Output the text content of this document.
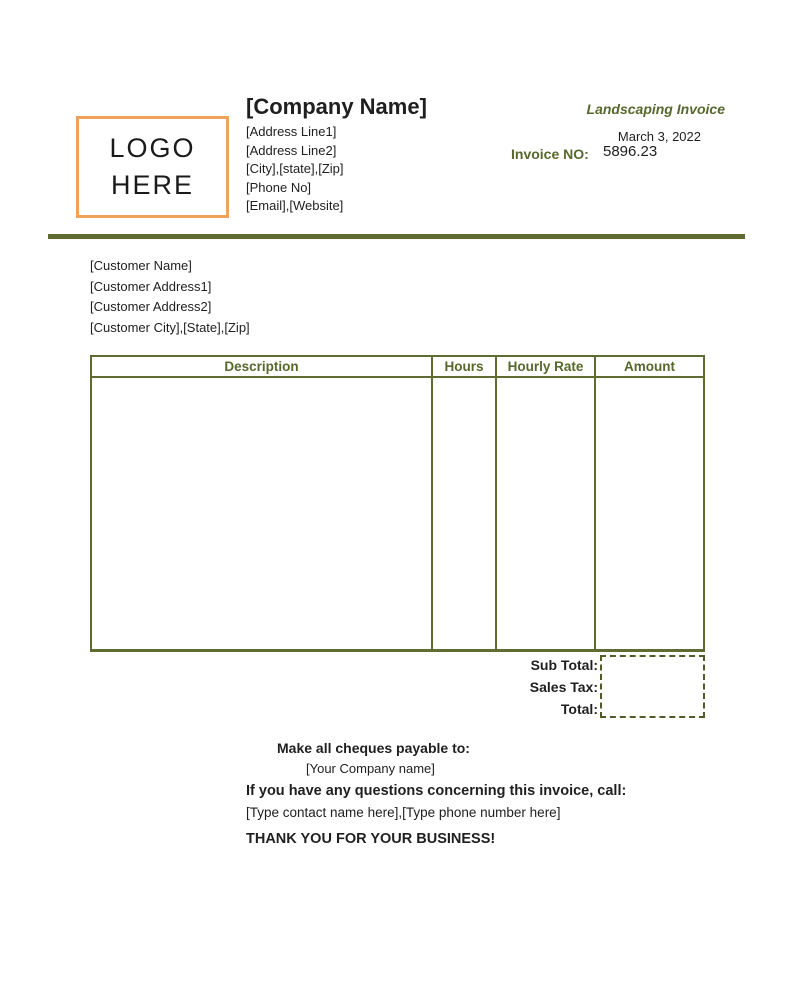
LOGO
HERE
[Company Name]
[Address Line1]
[Address Line2]
[City],[state],[Zip]
[Phone No]
[Email],[Website]
Landscaping Invoice
March 3, 2022
Invoice NO: 5896.23
[Customer Name]
[Customer Address1]
[Customer Address2]
[Customer City],[State],[Zip]
Description	Hours	Hourly Rate	Amount
Sub Total:
Sales Tax:
Total:
Make all cheques payable to:
[Your Company name]
If you have any questions concerning this invoice, call:
[Type contact name here],[Type phone number here]
THANK YOU FOR YOUR BUSINESS!
